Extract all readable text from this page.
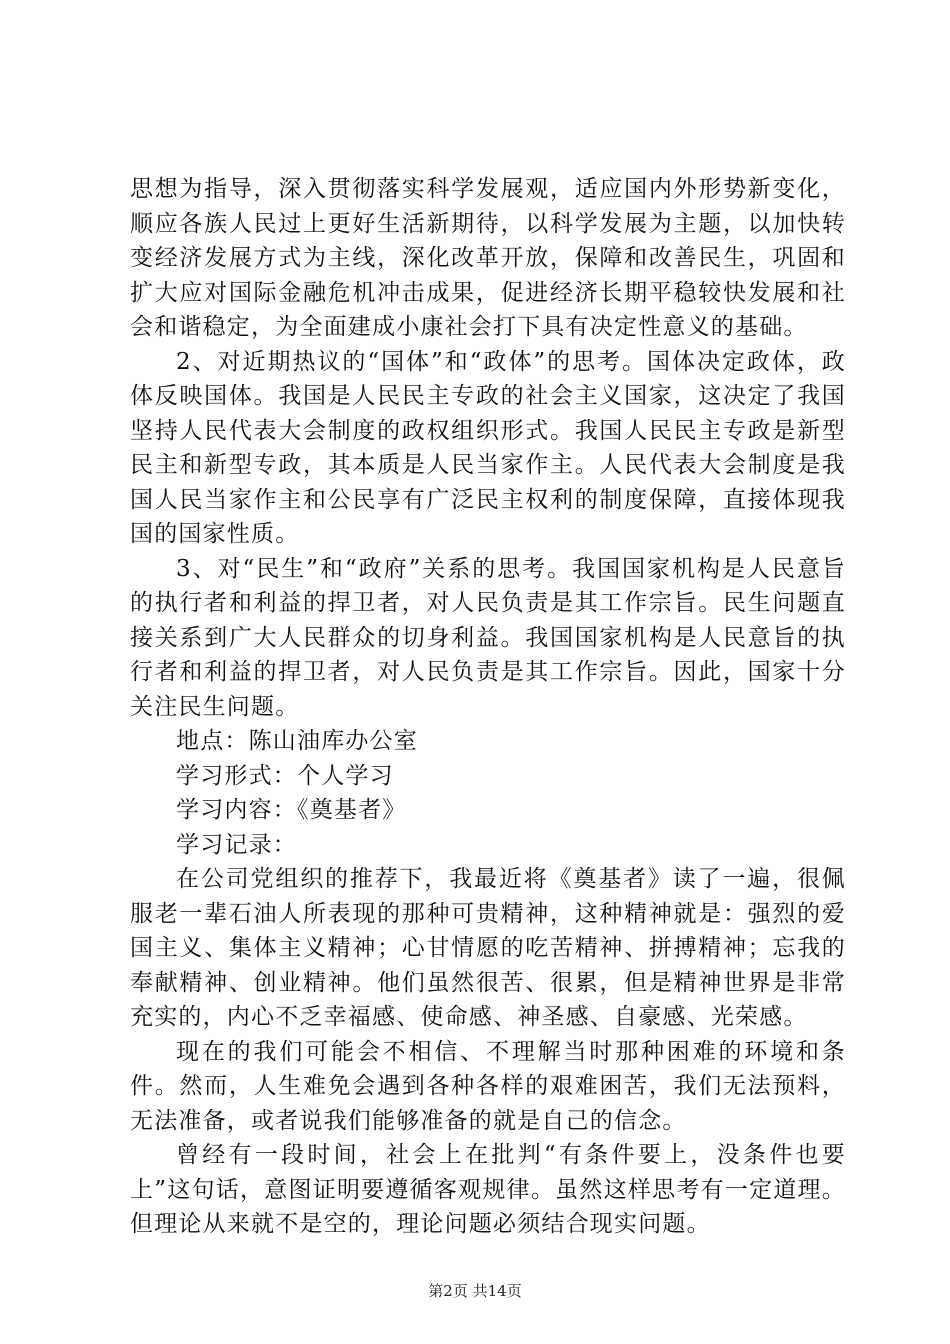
思想为指导，深入贯彻落实科学发展观，适应国内外形势新变化，顺应各族人民过上更好生活新期待，以科学发展为主题，以加快转变经济发展方式为主线，深化改革开放，保障和改善民生，巩固和扩大应对国际金融危机冲击成果，促进经济长期平稳较快发展和社会和谐稳定，为全面建成小康社会打下具有决定性意义的基础。

2、对近期热议的“国体”和“政体”的思考。国体决定政体，政体反映国体。我国是人民民主专政的社会主义国家，这决定了我国坚持人民代表大会制度的政权组织形式。我国人民民主专政是新型民主和新型专政，其本质是人民当家作主。人民代表大会制度是我国人民当家作主和公民享有广泛民主权利的制度保障，直接体现我国的国家性质。

3、对“民生”和“政府”关系的思考。我国国家机构是人民意旨的执行者和利益的捍卫者，对人民负责是其工作宗旨。民生问题直接关系到广大人民群众的切身利益。我国国家机构是人民意旨的执行者和利益的捍卫者，对人民负责是其工作宗旨。因此，国家十分关注民生问题。

地点：陈山油库办公室

学习形式：个人学习

学习内容：《奠基者》

学习记录：

在公司党组织的推荐下，我最近将《奠基者》读了一遍，很佩服老一辈石油人所表现的那种可贵精神，这种精神就是：强烈的爱国主义、集体主义精神；心甘情愿的吃苦精神、拼搏精神；忘我的奉献精神、创业精神。他们虽然很苦、很累，但是精神世界是非常充实的，内心不乏幸福感、使命感、神圣感、自豪感、光荣感。

现在的我们可能会不相信、不理解当时那种困难的环境和条件。然而，人生难免会遇到各种各样的艰难困苦，我们无法预料，无法准备，或者说我们能够准备的就是自己的信念。

曾经有一段时间，社会上在批判“有条件要上，没条件也要上”这句话，意图证明要遵循客观规律。虽然这样思考有一定道理。但理论从来就不是空的，理论问题必须结合现实问题。

第2页 共14页
